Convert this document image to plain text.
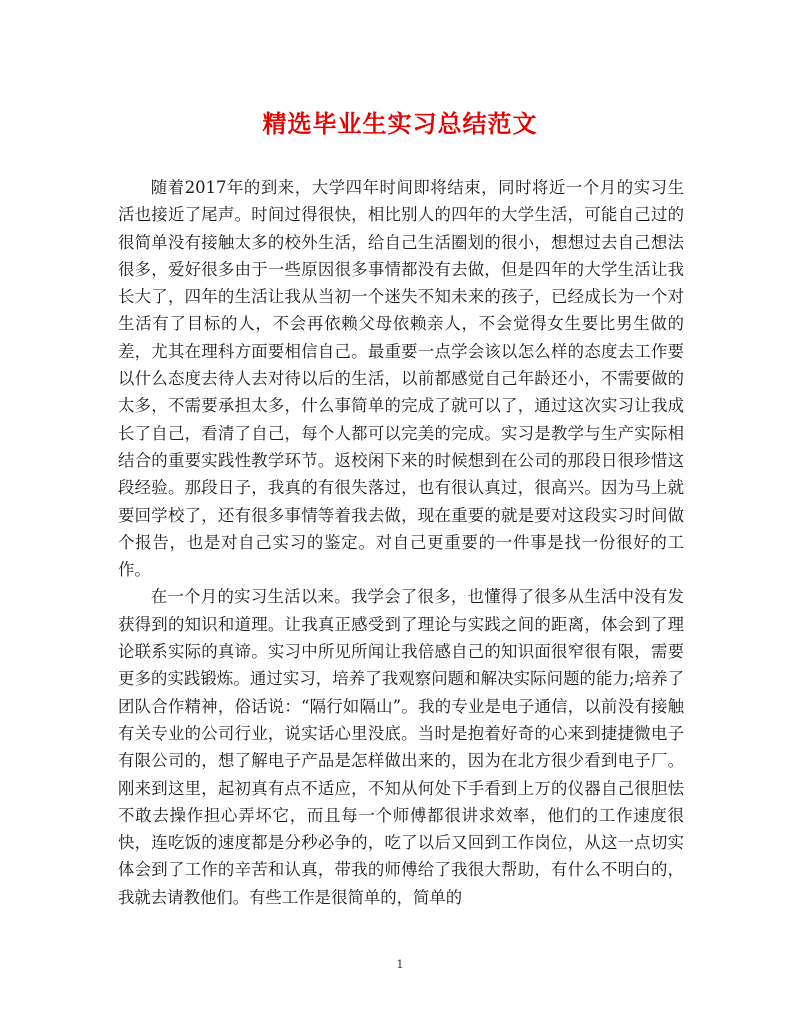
精选毕业生实习总结范文

随着2017年的到来，大学四年时间即将结束，同时将近一个月的实习生活也接近了尾声。时间过得很快，相比别人的四年的大学生活，可能自己过的很简单没有接触太多的校外生活，给自己生活圈划的很小，想想过去自己想法很多，爱好很多由于一些原因很多事情都没有去做，但是四年的大学生活让我长大了，四年的生活让我从当初一个迷失不知未来的孩子，已经成长为一个对生活有了目标的人，不会再依赖父母依赖亲人，不会觉得女生要比男生做的差，尤其在理科方面要相信自己。最重要一点学会该以怎么样的态度去工作要以什么态度去待人去对待以后的生活，以前都感觉自己年龄还小，不需要做的太多，不需要承担太多，什么事简单的完成了就可以了，通过这次实习让我成长了自己，看清了自己，每个人都可以完美的完成。实习是教学与生产实际相结合的重要实践性教学环节。返校闲下来的时候想到在公司的那段日很珍惜这段经验。那段日子，我真的有很失落过，也有很认真过，很高兴。因为马上就要回学校了，还有很多事情等着我去做，现在重要的就是要对这段实习时间做个报告，也是对自己实习的鉴定。对自己更重要的一件事是找一份很好的工作。

在一个月的实习生活以来。我学会了很多，也懂得了很多从生活中没有发获得到的知识和道理。让我真正感受到了理论与实践之间的距离，体会到了理论联系实际的真谛。实习中所见所闻让我倍感自己的知识面很窄很有限，需要更多的实践锻炼。通过实习，培养了我观察问题和解决实际问题的能力;培养了团队合作精神，俗话说：“隔行如隔山”。我的专业是电子通信，以前没有接触有关专业的公司行业，说实话心里没底。当时是抱着好奇的心来到捷捷微电子有限公司的，想了解电子产品是怎样做出来的，因为在北方很少看到电子厂。刚来到这里，起初真有点不适应，不知从何处下手看到上万的仪器自己很胆怯不敢去操作担心弄坏它，而且每一个师傅都很讲求效率，他们的工作速度很快，连吃饭的速度都是分秒必争的，吃了以后又回到工作岗位，从这一点切实体会到了工作的辛苦和认真，带我的师傅给了我很大帮助，有什么不明白的，我就去请教他们。有些工作是很简单的，简单的

1
